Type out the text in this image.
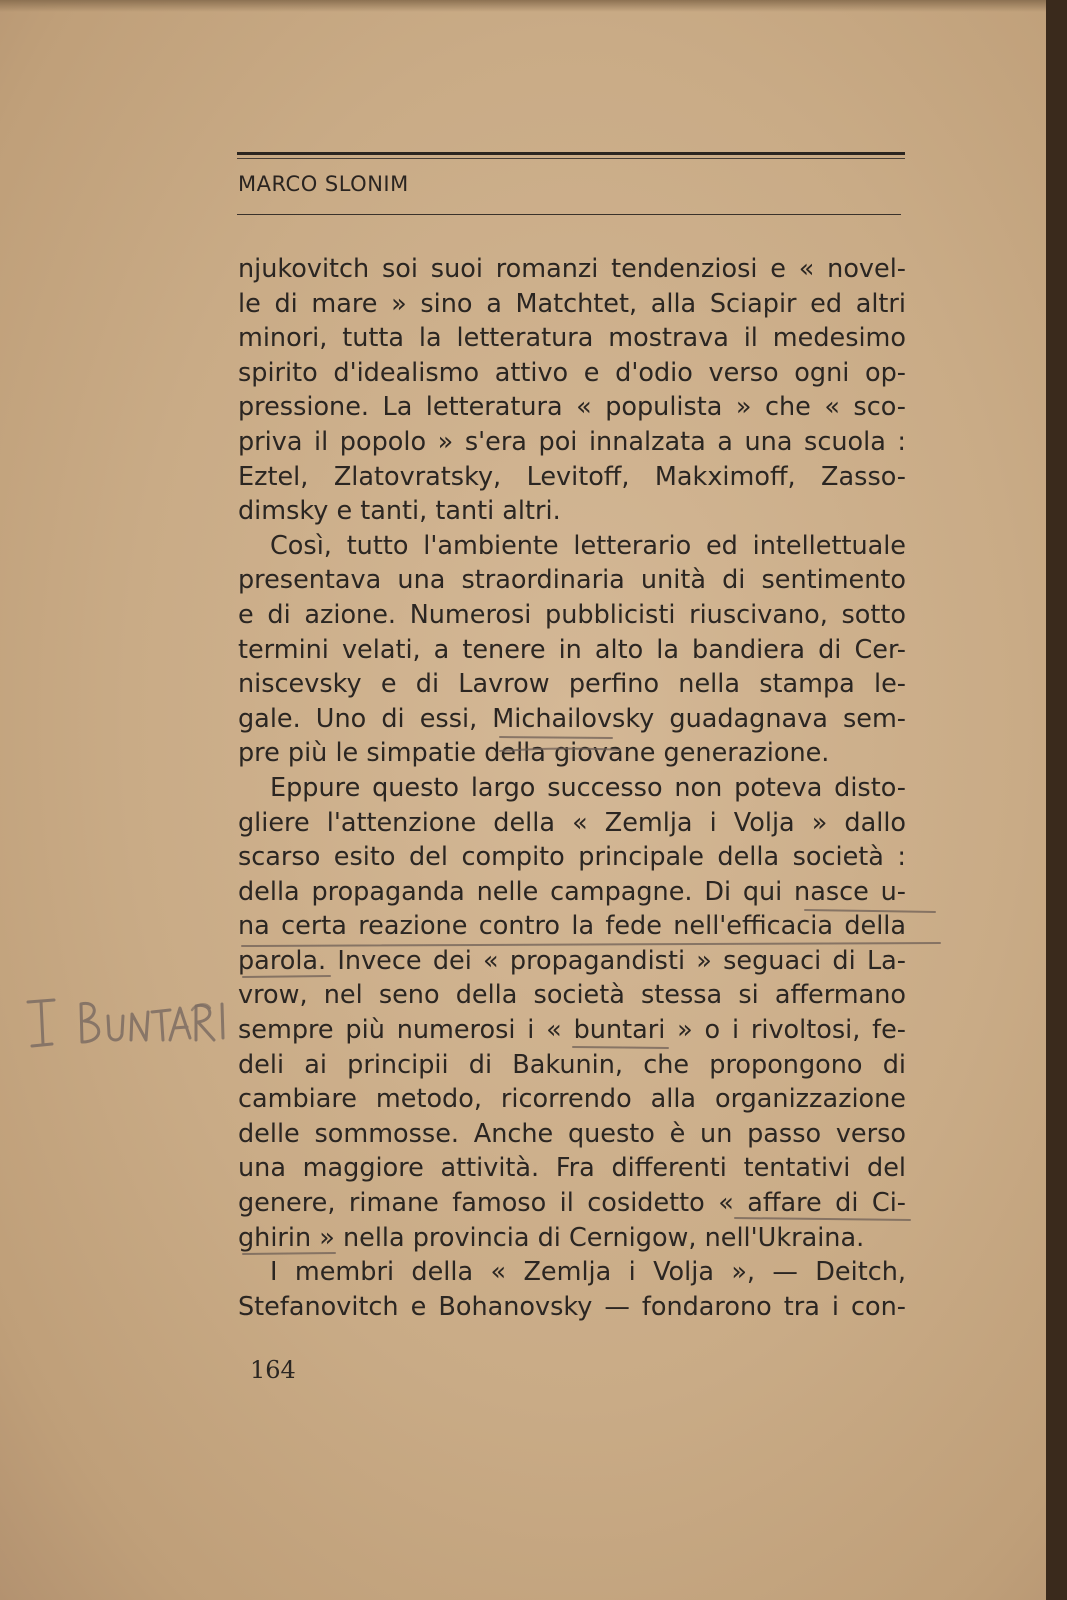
MARCO SLONIM
njukovitch soi suoi romanzi tendenziosi e « novel-
le di mare » sino a Matchtet, alla Sciapir ed altri
minori, tutta la letteratura mostrava il medesimo
spirito d'idealismo attivo e d'odio verso ogni op-
pressione. La letteratura « populista » che « sco-
priva il popolo » s'era poi innalzata a una scuola :
Eztel, Zlatovratsky, Levitoff, Makximoff, Zasso-
dimsky e tanti, tanti altri.
Così, tutto l'ambiente letterario ed intellettuale
presentava una straordinaria unità di sentimento
e di azione. Numerosi pubblicisti riuscivano, sotto
termini velati, a tenere in alto la bandiera di Cer-
niscevsky e di Lavrow perfino nella stampa le-
gale. Uno di essi, Michailovsky guadagnava sem-
pre più le simpatie della giovane generazione.
Eppure questo largo successo non poteva disto-
gliere l'attenzione della « Zemlja i Volja » dallo
scarso esito del compito principale della società :
della propaganda nelle campagne. Di qui nasce u-
na certa reazione contro la fede nell'efficacia della
parola. Invece dei « propagandisti » seguaci di La-
vrow, nel seno della società stessa si affermano
sempre più numerosi i « buntari » o i rivoltosi, fe-
deli ai principii di Bakunin, che propongono di
cambiare metodo, ricorrendo alla organizzazione
delle sommosse. Anche questo è un passo verso
una maggiore attività. Fra differenti tentativi del
genere, rimane famoso il cosidetto « affare di Ci-
ghirin » nella provincia di Cernigow, nell'Ukraina.
I membri della « Zemlja i Volja », — Deitch,
Stefanovitch e Bohanovsky — fondarono tra i con-
164
